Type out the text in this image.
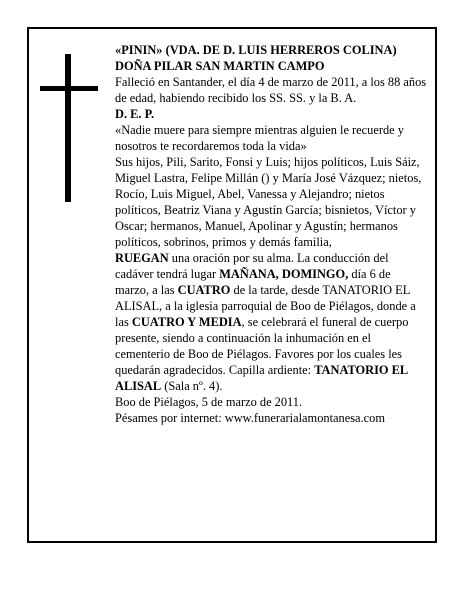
«PININ» (VDA. DE D. LUIS HERREROS COLINA)

DOÑA PILAR SAN MARTIN CAMPO

Falleció en Santander, el día 4 de marzo de 2011, a los 88 años de edad, habiendo recibido los SS. SS. y la B. A.

D. E. P.

«Nadie muere para siempre mientras alguien le recuerde y nosotros te recordaremos toda la vida»

Sus hijos, Pili, Sarito, Fonsi y Luis; hijos políticos, Luis Sáiz, Miguel Lastra, Felipe Millán () y María José Vázquez; nietos, Rocío, Luis Miguel, Abel, Vanessa y Alejandro; nietos políticos, Beatriz Viana y Agustín García; bisnietos, Víctor y Oscar; hermanos, Manuel, Apolinar y Agustín; hermanos políticos, sobrinos, primos y demás familia,

RUEGAN una oración por su alma. La conducción del cadáver tendrá lugar MAÑANA, DOMINGO, día 6 de marzo, a las CUATRO de la tarde, desde TANATORIO EL ALISAL, a la iglesia parroquial de Boo de Piélagos, donde a las CUATRO Y MEDIA, se celebrará el funeral de cuerpo presente, siendo a continuación la inhumación en el cementerio de Boo de Piélagos. Favores por los cuales les quedarán agradecidos. Capilla ardiente: TANATORIO EL ALISAL (Sala nº. 4).

Boo de Piélagos, 5 de marzo de 2011.

Pésames por internet: www.funerarialamontanesa.com
